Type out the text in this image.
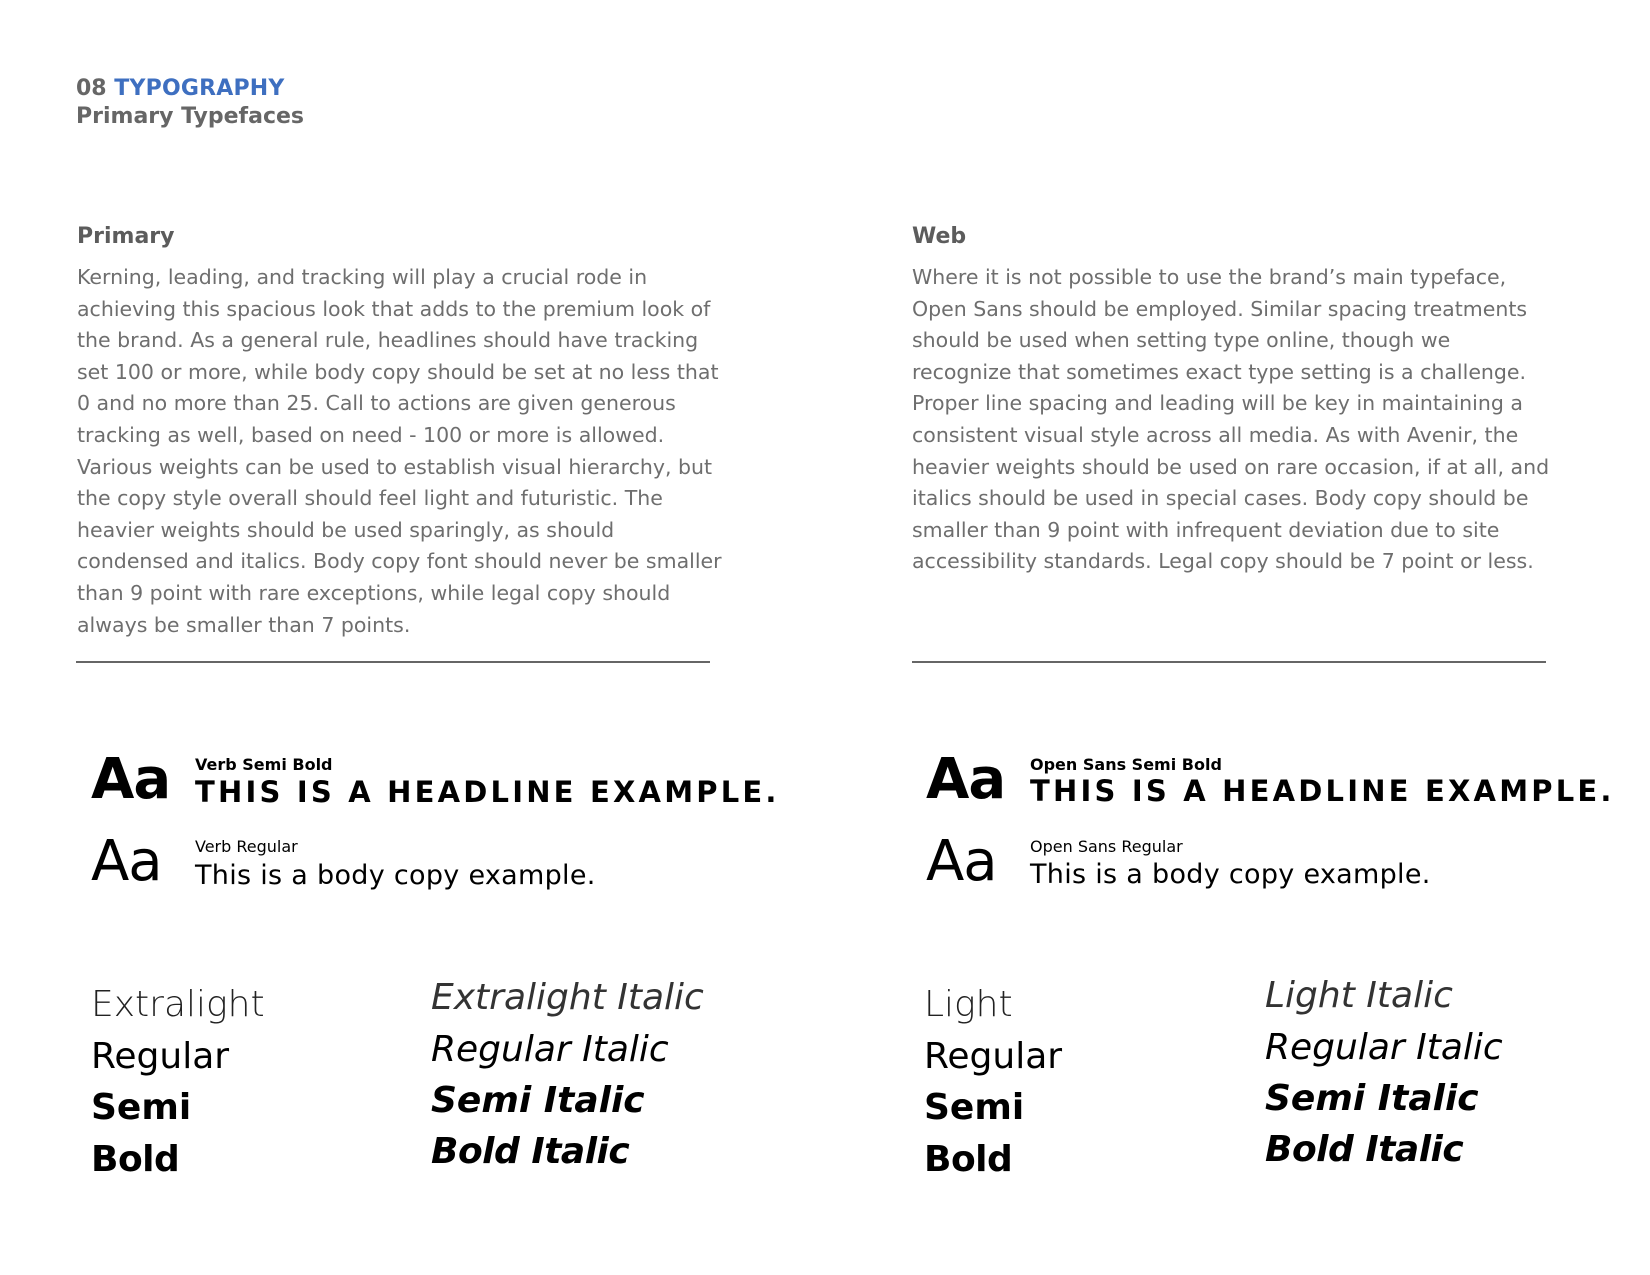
08 TYPOGRAPHY
Primary Typefaces
Primary

Kerning, leading, and tracking will play a crucial rode in achieving this spacious look that adds to the premium look of the brand. As a general rule, headlines should have tracking set 100 or more, while body copy should be set at no less that 0 and no more than 25. Call to actions are given generous tracking as well, based on need - 100 or more is allowed. Various weights can be used to establish visual hierarchy, but the copy style overall should feel light and futuristic. The heavier weights should be used sparingly, as should condensed and italics. Body copy font should never be smaller than 9 point with rare exceptions, while legal copy should always be smaller than 7 points.

Web

Where it is not possible to use the brand’s main typeface, Open Sans should be employed. Similar spacing treatments should be used when setting type online, though we recognize that sometimes exact type setting is a challenge. Proper line spacing and leading will be key in maintaining a consistent visual style across all media. As with Avenir, the heavier weights should be used on rare occasion, if at all, and italics should be used in special cases. Body copy should be smaller than 9 point with infrequent deviation due to site accessibility standards. Legal copy should be 7 point or less.

Aa Verb Semi Bold
THIS IS A HEADLINE EXAMPLE.
Aa Verb Regular
This is a body copy example.
Aa Open Sans Semi Bold
THIS IS A HEADLINE EXAMPLE.
Aa Open Sans Regular
This is a body copy example.
Extralight
Regular
Semi
Bold
Extralight Italic
Regular Italic
Semi Italic
Bold Italic
Light
Regular
Semi
Bold
Light Italic
Regular Italic
Semi Italic
Bold Italic
